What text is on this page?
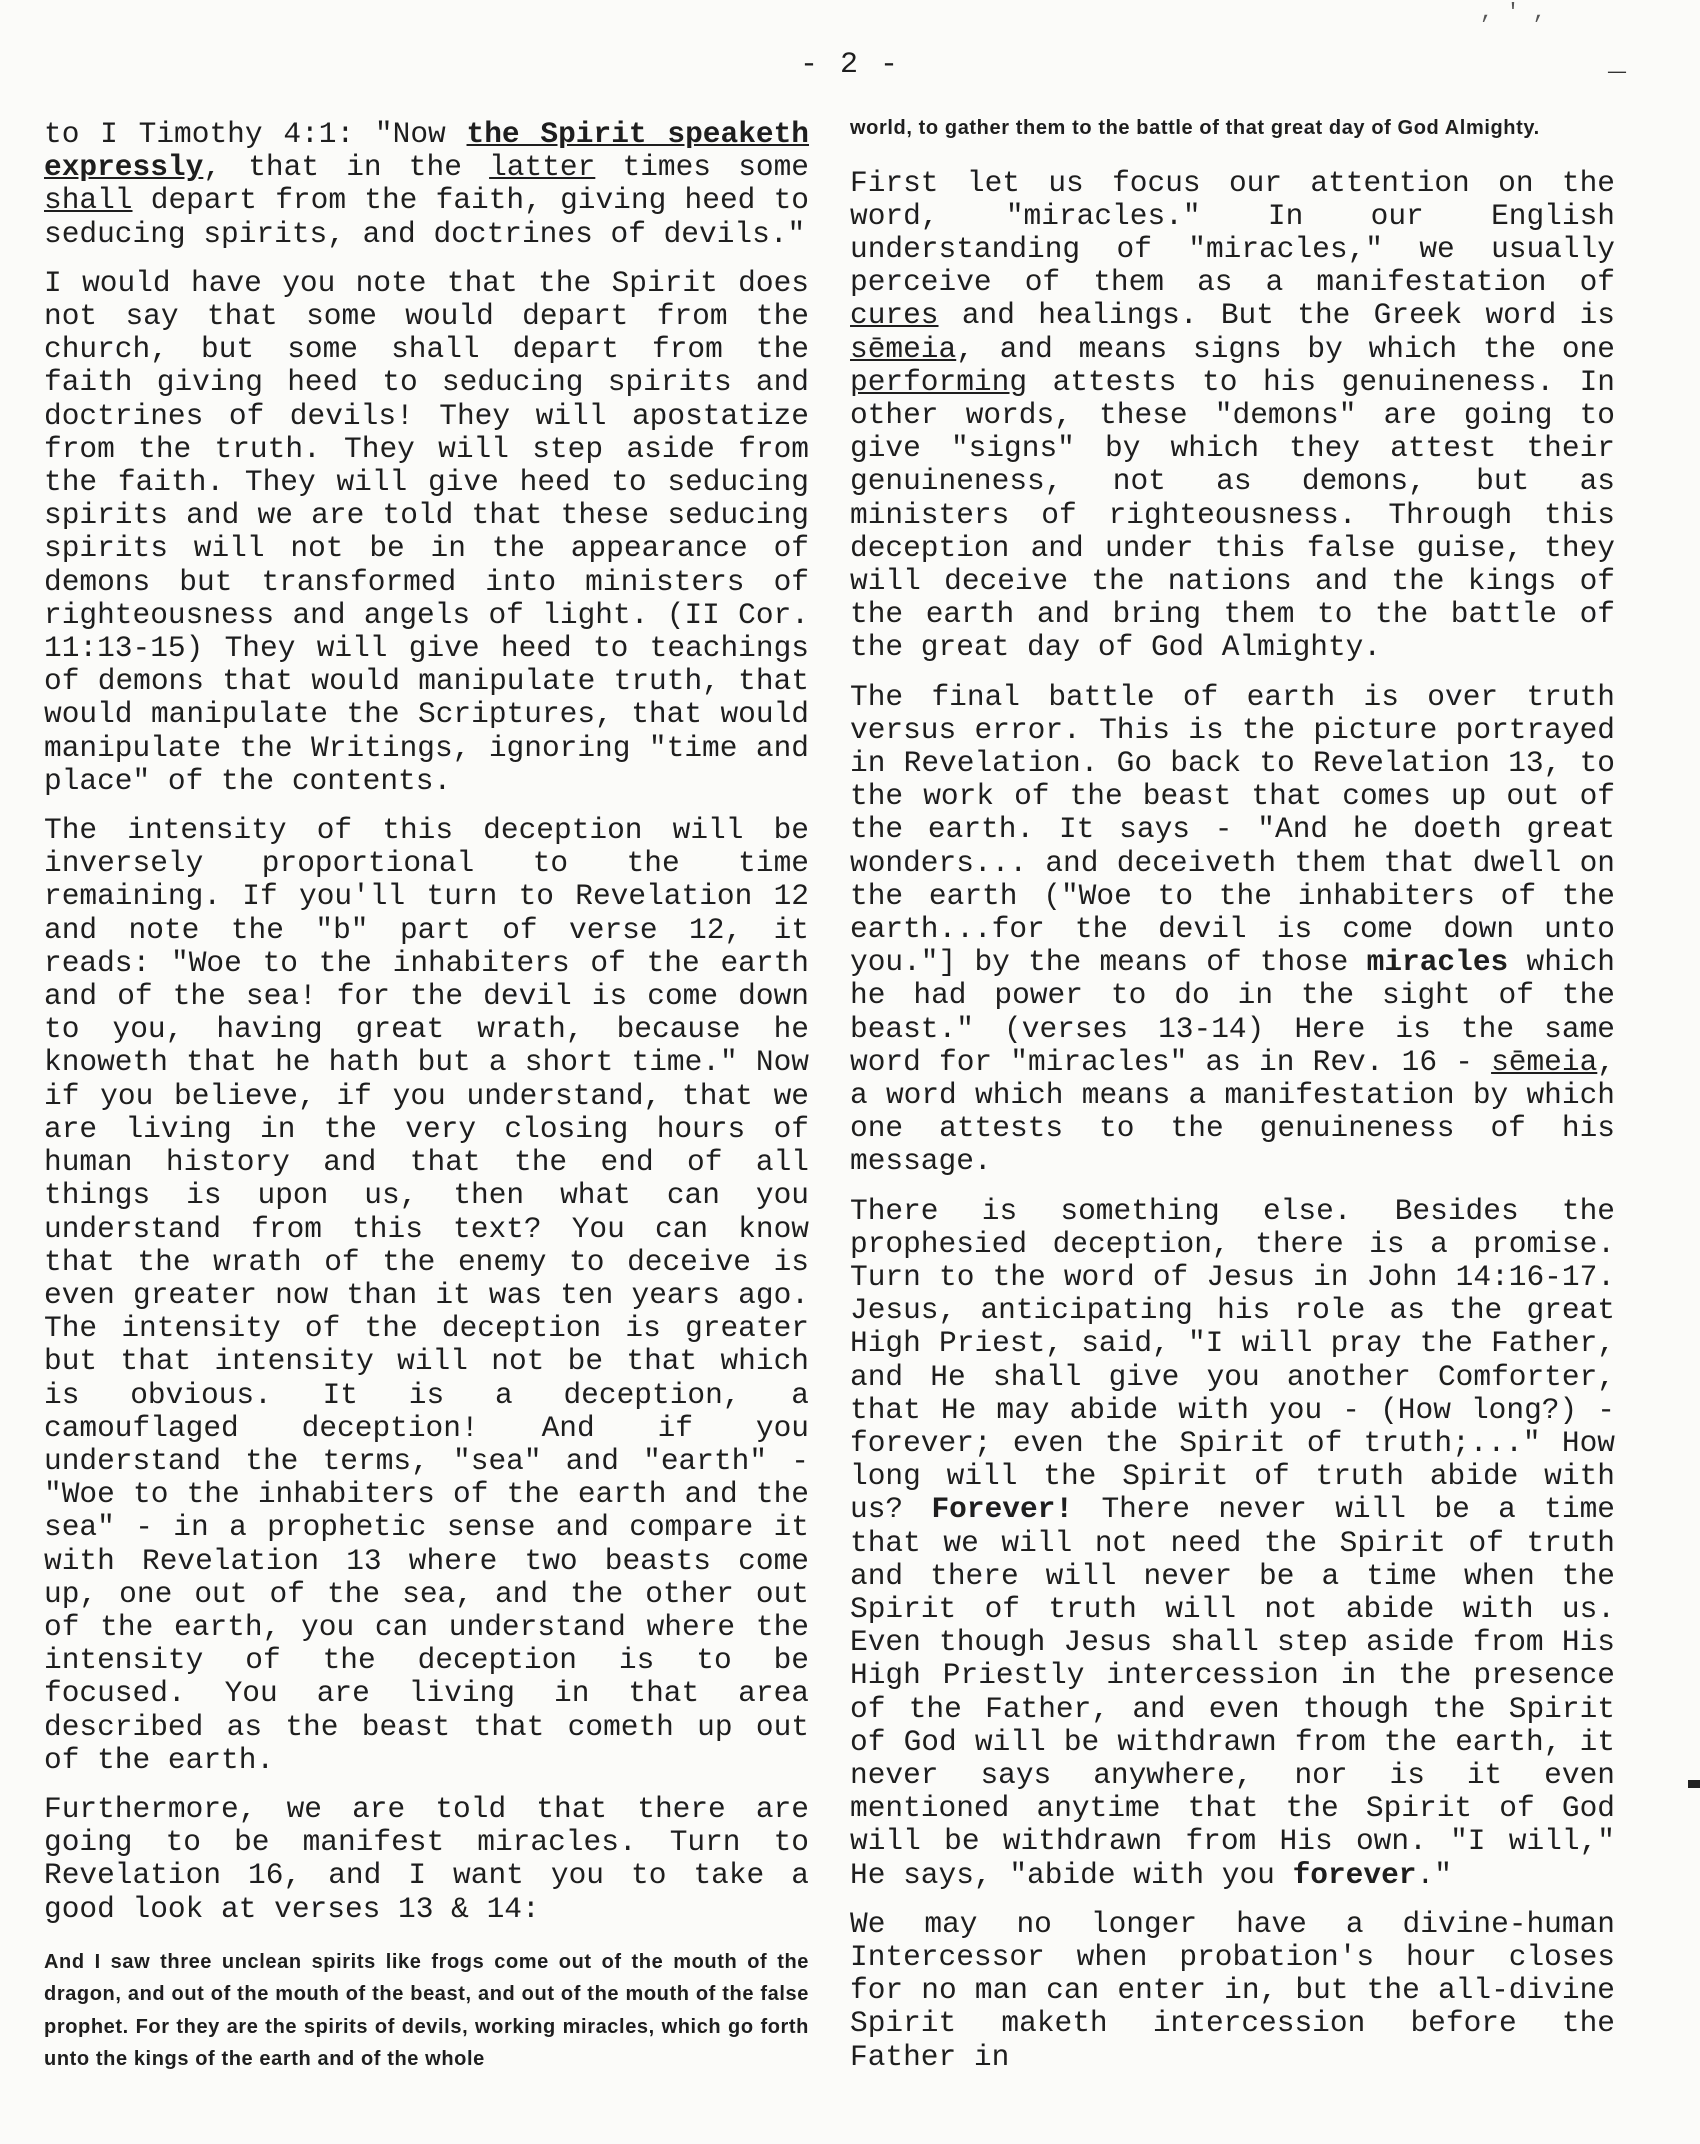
, ' ,
- 2 -	_

to I Timothy 4:1: "Now the Spirit speaketh expressly, that in the latter times some shall depart from the faith, giving heed to seducing spirits, and doctrines of devils."

I would have you note that the Spirit does not say that some would depart from the church, but some shall depart from the faith giving heed to seducing spirits and doctrines of devils! They will apostatize from the truth. They will step aside from the faith. They will give heed to seducing spirits and we are told that these seducing spirits will not be in the appearance of demons but transformed into ministers of righteousness and angels of light. (II Cor. 11:13-15) They will give heed to teachings of demons that would manipulate truth, that would manipulate the Scriptures, that would manipulate the Writings, ignoring "time and place" of the contents.

The intensity of this deception will be inversely proportional to the time remaining. If you'll turn to Revelation 12 and note the "b" part of verse 12, it reads: "Woe to the inhabiters of the earth and of the sea! for the devil is come down to you, having great wrath, because he knoweth that he hath but a short time." Now if you believe, if you understand, that we are living in the very closing hours of human history and that the end of all things is upon us, then what can you understand from this text? You can know that the wrath of the enemy to deceive is even greater now than it was ten years ago. The intensity of the deception is greater but that intensity will not be that which is obvious. It is a deception, a camouflaged deception! And if you understand the terms, "sea" and "earth" -"Woe to the inhabiters of the earth and the sea" - in a prophetic sense and compare it with Revelation 13 where two beasts come up, one out of the sea, and the other out of the earth, you can understand where the intensity of the deception is to be focused. You are living in that area described as the beast that cometh up out of the earth.

Furthermore, we are told that there are going to be manifest miracles. Turn to Revelation 16, and I want you to take a good look at verses 13 & 14:

And I saw three unclean spirits like frogs come out of the mouth of the dragon, and out of the mouth of the beast, and out of the mouth of the false prophet. For they are the spirits of devils, working miracles, which go forth unto the kings of the earth and of the whole
world, to gather them to the battle of that great day of God Almighty.

First let us focus our attention on the word, "miracles." In our English understanding of "miracles," we usually perceive of them as a manifestation of cures and healings. But the Greek word is sēmeia, and means signs by which the one performing attests to his genuineness. In other words, these "demons" are going to give "signs" by which they attest their genuineness, not as demons, but as ministers of righteousness. Through this deception and under this false guise, they will deceive the nations and the kings of the earth and bring them to the battle of the great day of God Almighty.

The final battle of earth is over truth versus error. This is the picture portrayed in Revelation. Go back to Revelation 13, to the work of the beast that comes up out of the earth. It says - "And he doeth great wonders... and deceiveth them that dwell on the earth ("Woe to the inhabiters of the earth...for the devil is come down unto you."] by the means of those miracles which he had power to do in the sight of the beast." (verses 13-14) Here is the same word for "miracles" as in Rev. 16 - sēmeia, a word which means a manifestation by which one attests to the genuineness of his message.

There is something else. Besides the prophesied deception, there is a promise. Turn to the word of Jesus in John 14:16-17. Jesus, anticipating his role as the great High Priest, said, "I will pray the Father, and He shall give you another Comforter, that He may abide with you - (How long?) - forever; even the Spirit of truth;..." How long will the Spirit of truth abide with us? Forever! There never will be a time that we will not need the Spirit of truth and there will never be a time when the Spirit of truth will not abide with us. Even though Jesus shall step aside from His High Priestly intercession in the presence of the Father, and even though the Spirit of God will be withdrawn from the earth, it never says anywhere, nor is it even mentioned anytime that the Spirit of God will be withdrawn from His own. "I will," He says, "abide with you forever."

We may no longer have a divine-human Intercessor when probation's hour closes for no man can enter in, but the all-divine Spirit maketh intercession before the Father in
